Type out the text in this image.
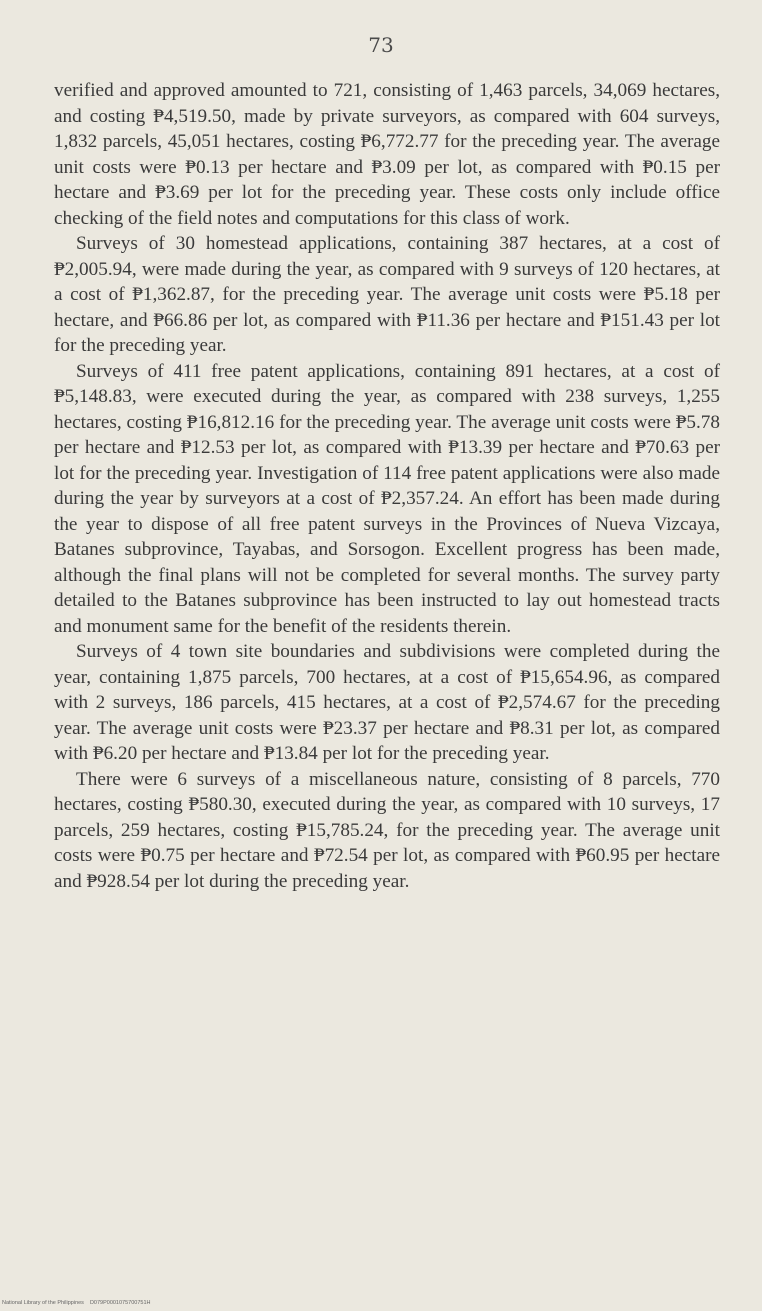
73

verified and approved amounted to 721, consisting of 1,463 parcels, 34,069 hectares, and costing ₱4,519.50, made by private surveyors, as compared with 604 surveys, 1,832 parcels, 45,051 hectares, costing ₱6,772.77 for the preceding year. The average unit costs were ₱0.13 per hectare and ₱3.09 per lot, as compared with ₱0.15 per hectare and ₱3.69 per lot for the preceding year. These costs only include office checking of the field notes and computations for this class of work.

Surveys of 30 homestead applications, containing 387 hectares, at a cost of ₱2,005.94, were made during the year, as compared with 9 surveys of 120 hectares, at a cost of ₱1,362.87, for the preceding year. The average unit costs were ₱5.18 per hectare, and ₱66.86 per lot, as compared with ₱11.36 per hectare and ₱151.43 per lot for the preceding year.

Surveys of 411 free patent applications, containing 891 hectares, at a cost of ₱5,148.83, were executed during the year, as compared with 238 surveys, 1,255 hectares, costing ₱16,812.16 for the preceding year. The average unit costs were ₱5.78 per hectare and ₱12.53 per lot, as compared with ₱13.39 per hectare and ₱70.63 per lot for the preceding year. Investigation of 114 free patent applications were also made during the year by surveyors at a cost of ₱2,357.24. An effort has been made during the year to dispose of all free patent surveys in the Provinces of Nueva Vizcaya, Batanes subprovince, Tayabas, and Sorsogon. Excellent progress has been made, although the final plans will not be completed for several months. The survey party detailed to the Batanes subprovince has been instructed to lay out homestead tracts and monument same for the benefit of the residents therein.

Surveys of 4 town site boundaries and subdivisions were completed during the year, containing 1,875 parcels, 700 hectares, at a cost of ₱15,654.96, as compared with 2 surveys, 186 parcels, 415 hectares, at a cost of ₱2,574.67 for the preceding year. The average unit costs were ₱23.37 per hectare and ₱8.31 per lot, as compared with ₱6.20 per hectare and ₱13.84 per lot for the preceding year.

There were 6 surveys of a miscellaneous nature, consisting of 8 parcels, 770 hectares, costing ₱580.30, executed during the year, as compared with 10 surveys, 17 parcels, 259 hectares, costing ₱15,785.24, for the preceding year. The average unit costs were ₱0.75 per hectare and ₱72.54 per lot, as compared with ₱60.95 per hectare and ₱928.54 per lot during the preceding year.

National Library of the Philippines D079P0001075700751H
